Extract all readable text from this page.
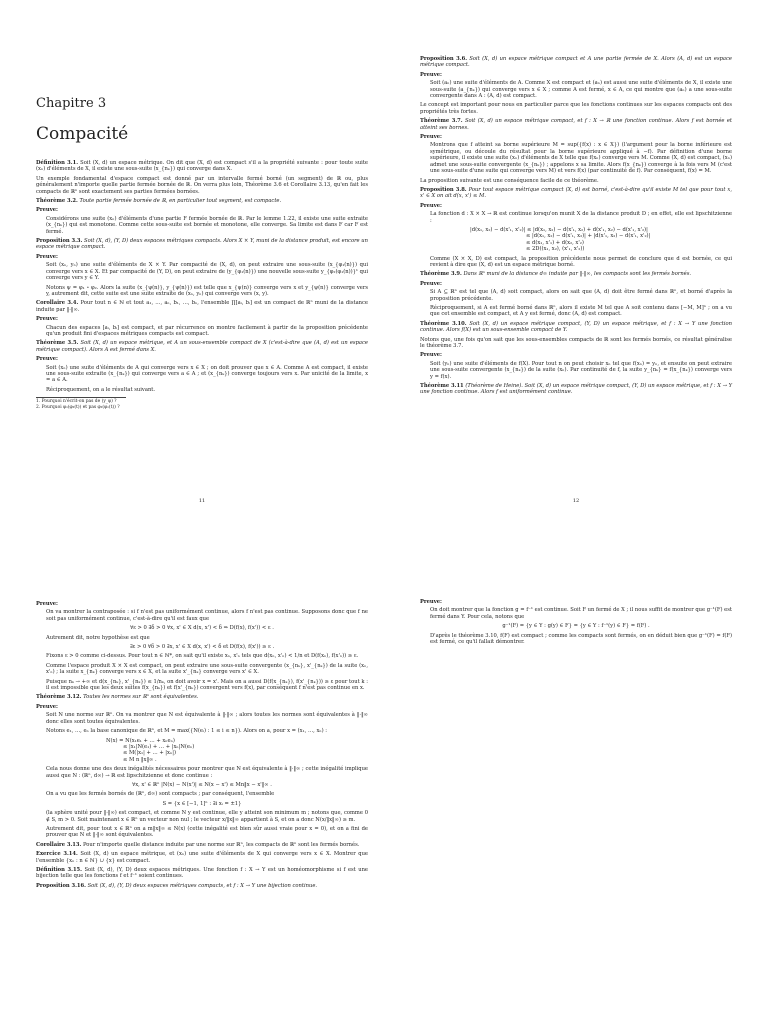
Chapitre 3
Compacité

Définition 3.1. Soit (X, d) un espace métrique. On dit que (X, d) est compact s'il a la propriété suivante : pour toute suite (xₙ) d'éléments de X, il existe une sous-suite (x_{nₖ}) qui converge dans X.

Un exemple fondamental d'espace compact est donné par un intervalle fermé borné (un segment) de ℝ ou, plus généralement n'importe quelle partie fermée bornée de ℝ. On verra plus loin, Théorème 3.6 et Corollaire 3.13, qu'en fait les compacts de ℝⁿ sont exactement ses parties fermées bornées.

Théorème 3.2. Toute partie fermée bornée de ℝ, en particulier tout segment, est compacte.

Preuve:

Considérons une suite (xₙ) d'éléments d'une partie F fermée bornée de ℝ. Par le lemme 1.22, il existe une suite extraite (x_{nₖ}) qui est monotone. Comme cette sous-suite est bornée et monotone, elle converge. Sa limite est dans F car F est fermé.

Proposition 3.3. Soit (X, d), (Y, D) deux espaces métriques compacts. Alors X × Y, muni de la distance produit, est encore un espace métrique compact.

Preuve:

Soit (xₙ, yₙ) une suite d'éléments de X × Y. Par compacité de (X, d), on peut extraire une sous-suite (x_{φ₁(n)}) qui converge vers x ∈ X. Et par compacité de (Y, D), on peut extraire de (y_{φ₁(n)}) une nouvelle sous-suite y_{φ₂(φ₁(n))}¹ qui converge vers y ∈ Y.

Notons ψ = φ₁ ∘ φ₂. Alors la suite (x_{ψ(n)}, y_{ψ(n)}) est telle que x_{ψ(n)} converge vers x et y_{ψ(n)} converge vers y, autrement dit, cette suite est une suite extraite de (xₙ, yₙ) qui converge vers (x, y).

Corollaire 3.4. Pour tout n ∈ ℕ et tout a₁, …, aₙ, b₁, …, bₙ, l'ensemble ∏[aᵢ, bᵢ] est un compact de ℝⁿ muni de la distance induite par ‖·‖∞.

Preuve:

Chacun des espaces [aᵢ, bᵢ] est compact, et par récurrence on montre facilement à partir de la proposition précédente qu'un produit fini d'espaces métriques compacts est compact.

Théorème 3.5. Soit (X, d) un espace métrique, et A un sous-ensemble compact de X (c'est-à-dire que (A, d) est un espace métrique compact). Alors A est fermé dans X.

Preuve:

Soit (xₙ) une suite d'éléments de A qui converge vers x ∈ X ; on doit prouver que x ∈ A. Comme A est compact, il existe une sous-suite extraite (x_{nₖ}) qui converge vers a ∈ A ; et (x_{nₖ}) converge toujours vers x. Par unicité de la limite, x = a ∈ A.

Réciproquement, on a le résultat suivant.

1. Pourquoi n'écrit-on pas de (y_φ) ?
2. Pourquoi φ₁(φ₂(t)) et pas φ₂(φ₁(t)) ?
11

Proposition 3.6. Soit (X, d) un espace métrique compact et A une partie fermée de X. Alors (A, d) est un espace métrique compact.

Preuve:

Soit (aₙ) une suite d'éléments de A. Comme X est compact et (aₙ) est aussi une suite d'éléments de X, il existe une sous-suite (a_{nₖ}) qui converge vers x ∈ X ; comme A est fermé, x ∈ A, ce qui montre que (aₙ) a une sous-suite convergente dans A : (A, d) est compact.

Le concept est important pour nous en particulier parce que les fonctions continues sur les espaces compacts ont des propriétés très fortes.

Théorème 3.7. Soit (X, d) un espace métrique compact, et f : X → ℝ une fonction continue. Alors f est bornée et atteint ses bornes.

Preuve:

Montrons que f atteint sa borne supérieure M = sup({f(x) : x ∈ X}) (l'argument pour la borne inférieure est symétrique, ou découle du résultat pour la borne supérieure appliqué à −f). Par définition d'une borne supérieure, il existe une suite (xₙ) d'éléments de X telle que f(xₙ) converge vers M. Comme (X, d) est compact, (xₙ) admet une sous-suite convergente (x_{nₖ}) ; appelons x sa limite. Alors f(x_{nₖ}) converge à la fois vers M (c'est une sous-suite d'une suite qui converge vers M) et vers f(x) (par continuité de f). Par conséquent, f(x) = M.

La proposition suivante est une conséquence facile de ce théorème.

Proposition 3.8. Pour tout espace métrique compact (X, d) est borné, c'est-à-dire qu'il existe M tel que pour tout x, x' ∈ X on ait d(x, x') ≤ M.

Preuve:

La fonction d : X × X → ℝ est continue lorsqu'on munit X de la distance produit D ; en effet, elle est lipschitzienne :

|d(x₁, x₂) − d(x'₁, x'₂)| ≤ |d(x₁, x₂) − d(x'₁, x₂) + d(x'₁, x₂) − d(x'₁, x'₂)|
≤ |d(x₁, x₂) − d(x'₁, x₂)| + |d(x'₁, x₂) − d(x'₁, x'₂)|
≤ d(x₁, x'₁) + d(x₂, x'₂)
≤ 2D((x₁, x₂), (x'₁, x'₂))

Comme (X × X, D) est compact, la proposition précédente nous permet de conclure que d est bornée, ce qui revient à dire que (X, d) est un espace métrique borné.

Théorème 3.9. Dans ℝⁿ muni de la distance d∞ induite par ‖·‖∞, les compacts sont les fermés bornés.

Preuve:

Si A ⊆ ℝⁿ est tel que (A, d) soit compact, alors on sait que (A, d) doit être fermé dans ℝⁿ, et borné d'après la proposition précédente.

Réciproquement, si A est fermé borné dans ℝⁿ, alors il existe M tel que A soit contenu dans [−M, M]ⁿ ; on a vu que cet ensemble est compact, et A y est fermé, donc (A, d) est compact.

Théorème 3.10. Soit (X, d) un espace métrique compact, (Y, D) un espace métrique, et f : X → Y une fonction continue. Alors f(X) est un sous-ensemble compact de Y.

Notons que, une fois qu'on sait que les sous-ensembles compacts de ℝ sont les fermés bornés, ce résultat généralise le théorème 3.7.

Preuve:

Soit (yₙ) une suite d'éléments de f(X). Pour tout n on peut choisir xₙ tel que f(xₙ) = yₙ, et ensuite on peut extraire une sous-suite convergente (x_{nₖ}) de la suite (xₙ). Par continuité de f, la suite y_{nₖ} = f(x_{nₖ}) converge vers y = f(x).

Théorème 3.11 (Théorème de Heine). Soit (X, d) un espace métrique compact, (Y, D) un espace métrique, et f : X → Y une fonction continue. Alors f est uniformément continue.

12
Preuve:

On va montrer la contraposée : si f n'est pas uniformément continue, alors f n'est pas continue. Supposons donc que f ne soit pas uniformément continue, c'est-à-dire qu'il est faux que

∀ε > 0 ∃δ > 0 ∀x, x' ∈ X d(x, x') < δ ⇒ D(f(x), f(x')) < ε .

Autrement dit, notre hypothèse est que

∃ε > 0 ∀δ > 0 ∃x, x' ∈ X d(x, x') < δ et D(f(x), f(x')) ≥ ε .

Fixons ε > 0 comme ci-dessus. Pour tout n ∈ ℕ*, on sait qu'il existe xₙ, x'ₙ tels que d(xₙ, x'ₙ) < 1/n et D(f(xₙ), f(x'ₙ)) ≥ ε.

Comme l'espace produit X × X est compact, on peut extraire une sous-suite convergente (x_{nₖ}, x'_{nₖ}) de la suite (xₙ, x'ₙ) ; la suite x_{nₖ} converge vers x ∈ X, et la suite x'_{nₖ} converge vers x' ∈ X.

Puisque nₖ → +∞ et d(x_{nₖ}, x'_{nₖ}) ≤ 1/nₖ, on doit avoir x = x'. Mais on a aussi D(f(x_{nₖ}), f(x'_{nₖ})) ≥ ε pour tout k : il est impossible que les deux suites f(x_{nₖ}) et f(x'_{nₖ}) convergent vers f(x), par conséquent f n'est pas continue en x.

Théorème 3.12. Toutes les normes sur ℝⁿ sont équivalentes.

Preuve:

Soit N une norme sur ℝⁿ. On va montrer que N est équivalente à ‖·‖∞ ; alors toutes les normes sont équivalentes à ‖·‖∞ donc elles sont toutes équivalentes.

Notons e₁, …, eₙ la base canonique de ℝⁿ, et M = max({N(eᵢ) : 1 ≤ i ≤ n}). Alors on a, pour x = (x₁, …, xₙ) :

N(x) = N(x₁e₁ + … + xₙeₙ)
≤ |x₁|N(e₁) + … + |xₙ|N(eₙ)
≤ M(|x₁| + … + |xₙ|)
≤ M n ‖x‖∞ .

Cela nous donne une des deux inégalités nécessaires pour montrer que N est équivalente à ‖·‖∞ ; cette inégalité implique aussi que N : (ℝⁿ, d∞) → ℝ est lipschitzienne et donc continue :

∀x, x' ∈ ℝⁿ |N(x) − N(x')| ≤ N(x − x') ≤ Mn‖x − x'‖∞ .

On a vu que les fermés bornés de (ℝⁿ, d∞) sont compacts ; par conséquent, l'ensemble

S = {x ∈ [−1, 1]ⁿ : ∃i xᵢ = ±1}

(la sphère unité pour ‖·‖∞) est compact, et comme N y est continue, elle y atteint son minimum m ; notons que, comme 0 ∉ S, m > 0. Soit maintenant x ∈ ℝⁿ un vecteur non nul ; le vecteur x/‖x‖∞ appartient à S, et on a donc N(x/‖x‖∞) ≥ m.

Autrement dit, pour tout x ∈ ℝⁿ on a m‖x‖∞ ≤ N(x) (cette inégalité est bien sûr aussi vraie pour x = 0), et on a fini de prouver que N et ‖·‖∞ sont équivalentes.

Corollaire 3.13. Pour n'importe quelle distance induite par une norme sur ℝⁿ, les compacts de ℝⁿ sont les fermés bornés.

Exercice 3.14. Soit (X, d) un espace métrique, et (xₙ) une suite d'éléments de X qui converge vers x ∈ X. Montrer que l'ensemble {xₙ : n ∈ ℕ} ∪ {x} est compact.

Définition 3.15. Soit (X, d), (Y, D) deux espaces métriques. Une fonction f : X → Y est un homéomorphisme si f est une bijection telle que les fonctions f et f⁻¹ soient continues.

Proposition 3.16. Soit (X, d), (Y, D) deux espaces métriques compacts, et f : X → Y une bijection continue.

Preuve:

On doit montrer que la fonction g = f⁻¹ est continue. Soit F un fermé de X ; il nous suffit de montrer que g⁻¹(F) est fermé dans Y. Pour cela, notons que

g⁻¹(F) = {y ∈ Y : g(y) ∈ F} = {y ∈ Y : f⁻¹(y) ∈ F} = f(F) .

D'après le théorème 3.10, f(F) est compact ; comme les compacts sont fermés, on en déduit bien que g⁻¹(F) = f(F) est fermé, ce qu'il fallait démontrer.
